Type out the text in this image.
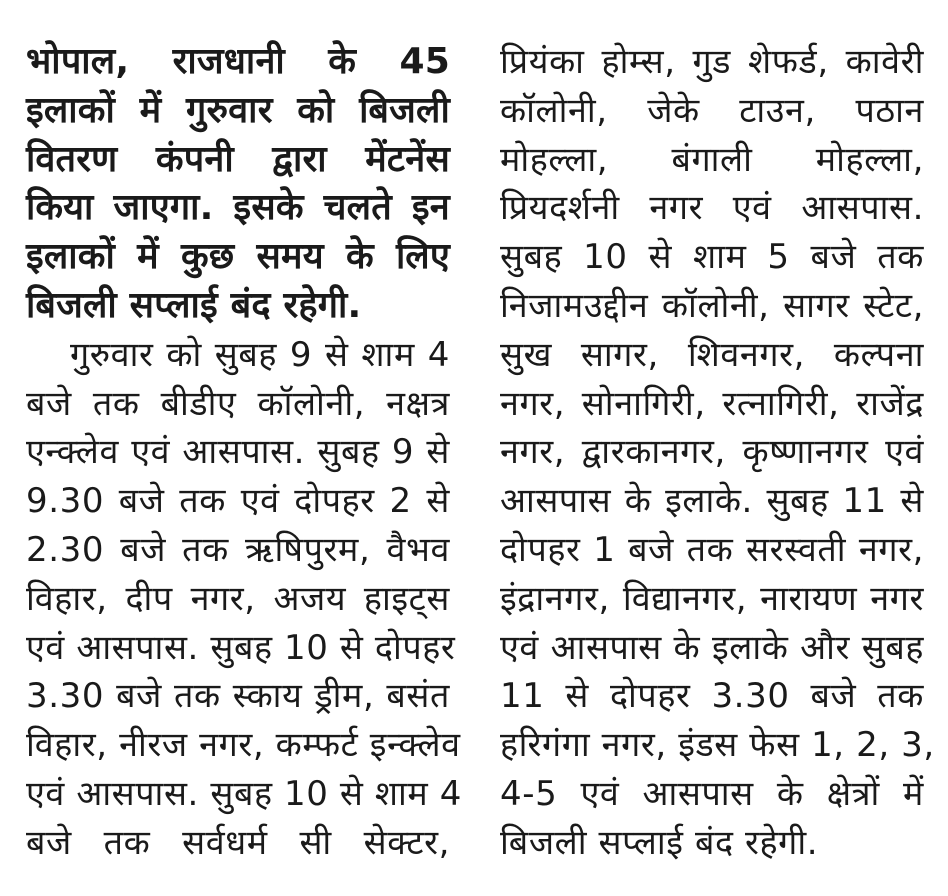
भोपाल, राजधानी के 45
इलाकों में गुरुवार को बिजली
वितरण कंपनी द्वारा मेंटनेंस
किया जाएगा. इसके चलते इन
इलाकों में कुछ समय के लिए
बिजली सप्लाई बंद रहेगी.
गुरुवार को सुबह 9 से शाम 4
बजे तक बीडीए कॉलोनी, नक्षत्र
एन्क्लेव एवं आसपास. सुबह 9 से
9.30 बजे तक एवं दोपहर 2 से
2.30 बजे तक ऋषिपुरम, वैभव
विहार, दीप नगर, अजय हाइट्स
एवं आसपास. सुबह 10 से दोपहर
3.30 बजे तक स्काय ड्रीम, बसंत
विहार, नीरज नगर, कम्फर्ट इन्क्लेव
एवं आसपास. सुबह 10 से शाम 4
बजे तक सर्वधर्म सी सेक्टर,
प्रियंका होम्स, गुड शेफर्ड, कावेरी
कॉलोनी, जेके टाउन, पठान
मोहल्ला, बंगाली मोहल्ला,
प्रियदर्शनी नगर एवं आसपास.
सुबह 10 से शाम 5 बजे तक
निजामउद्दीन कॉलोनी, सागर स्टेट,
सुख सागर, शिवनगर, कल्पना
नगर, सोनागिरी, रत्नागिरी, राजेंद्र
नगर, द्वारकानगर, कृष्णानगर एवं
आसपास के इलाके. सुबह 11 से
दोपहर 1 बजे तक सरस्वती नगर,
इंद्रानगर, विद्यानगर, नारायण नगर
एवं आसपास के इलाके और सुबह
11 से दोपहर 3.30 बजे तक
हरिगंगा नगर, इंडस फेस 1, 2, 3,
4-5 एवं आसपास के क्षेत्रों में
बिजली सप्लाई बंद रहेगी.
